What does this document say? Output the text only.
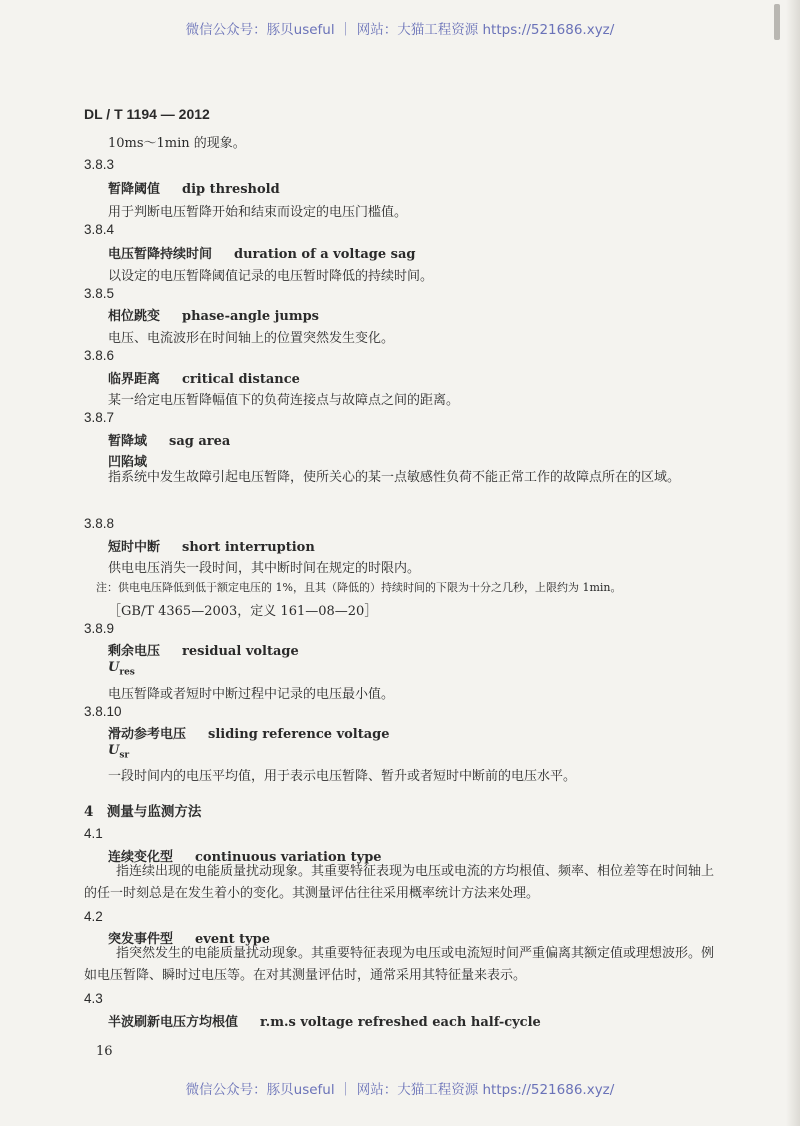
微信公众号：豚贝useful ｜ 网站：大猫工程资源 https://521686.xyz/
DL / T 1194 — 2012
10ms～1min 的现象。
3.8.3
暂降阈值 dip threshold
用于判断电压暂降开始和结束而设定的电压门槛值。
3.8.4
电压暂降持续时间 duration of a voltage sag
以设定的电压暂降阈值记录的电压暂时降低的持续时间。
3.8.5
相位跳变 phase-angle jumps
电压、电流波形在时间轴上的位置突然发生变化。
3.8.6
临界距离 critical distance
某一给定电压暂降幅值下的负荷连接点与故障点之间的距离。
3.8.7
暂降域 sag area
凹陷域
指系统中发生故障引起电压暂降，使所关心的某一点敏感性负荷不能正常工作的故障点所在的区域。
3.8.8
短时中断 short interruption
供电电压消失一段时间，其中断时间在规定的时限内。
注：供电电压降低到低于额定电压的 1%，且其（降低的）持续时间的下限为十分之几秒，上限约为 1min。
［GB/T 4365—2003，定义 161—08—20］
3.8.9
剩余电压 residual voltage
$U_{res}$
电压暂降或者短时中断过程中记录的电压最小值。
3.8.10
滑动参考电压 sliding reference voltage
$U_{sr}$
一段时间内的电压平均值，用于表示电压暂降、暂升或者短时中断前的电压水平。
4　测量与监测方法
4.1
连续变化型 continuous variation type
指连续出现的电能质量扰动现象。其重要特征表现为电压或电流的方均根值、频率、相位差等在时间轴上的任一时刻总是在发生着小的变化。其测量评估往往采用概率统计方法来处理。
4.2
突发事件型 event type
指突然发生的电能质量扰动现象。其重要特征表现为电压或电流短时间严重偏离其额定值或理想波形。例如电压暂降、瞬时过电压等。在对其测量评估时，通常采用其特征量来表示。
4.3
半波刷新电压方均根值 r.m.s voltage refreshed each half-cycle
16
微信公众号：豚贝useful ｜ 网站：大猫工程资源 https://521686.xyz/
